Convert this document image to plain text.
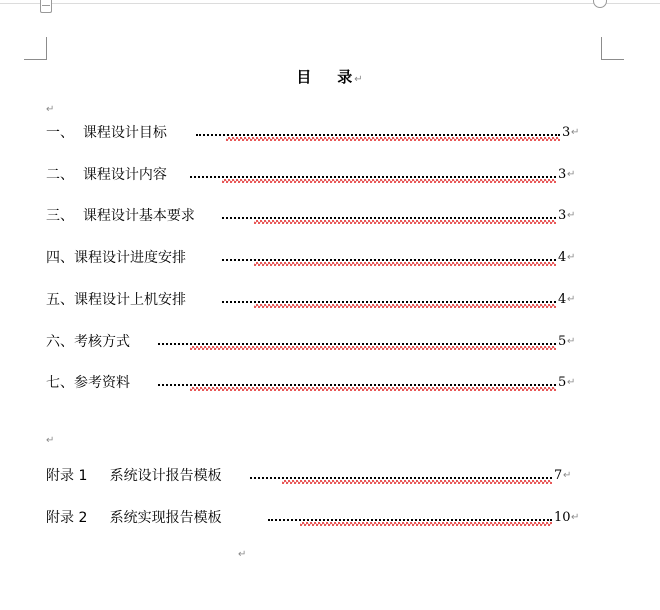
目    录↵
↵
一、  课程设计目标	3 ↵
二、  课程设计内容	3 ↵
三、  课程设计基本要求	3 ↵
四、课程设计进度安排	4 ↵
五、课程设计上机安排	4 ↵
六、考核方式	5 ↵
七、参考资料	5 ↵
↵
附录 1     系统设计报告模板	7 ↵
附录 2     系统实现报告模板	10 ↵
↵
